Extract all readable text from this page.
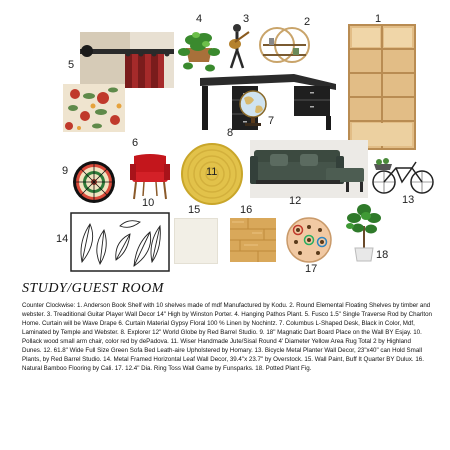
1
2
3
4
5
6
7
8
9
10
11
12	13
14
15	16
17
18
STUDY/GUEST ROOM
Counter Clockwise: 1. Anderson Book Shelf with 10 shelves made of mdf Manufactured by Kodu. 2. Round Elemental Floating Shelves by timber and webster. 3. Treaditional Guitar Player Wall Decor 14" High by Winston Porter. 4. Hanging Pathos Plant. 5. Fusco 1.5" Single Traverse Rod by Charlton Home. Curtain will be Wave Drape 6. Curtain Material Gypsy Floral 100 % Linen by Nochintz. 7. Columbus L-Shaped Desk, Black in Color, Mdf, Laminated by Temple and Webster. 8. Explorer 12" World Globe by Red Barrel Studio. 9. 18" Magnatic Dart Board Place on the Wall BY Esjay. 10. Pollack wood small arm chair, color red by dePadova. 11. Wiser Handmade Jute/Sisal Round 4' Diameter Yellow Area Rug Total 2 by Highland Dunes. 12. 61.8" Wide Full Size Green Sofa Bed Leath-aire Upholstered by Homary. 13. Bicycle Metal Planter Wall Decor, 23"x40" can Hold Small Plants, by Red Barrel Studio. 14. Metal Framed Horizontal Leaf Wall Decor, 39.4"x 23.7" by Overstock. 15. Wall Paint, Buff It Quarter BY Dulux. 16. Natural Bamboo Flooring by Cali. 17. 12.4" Dia. Ring Toss Wall Game by Funsparks. 18. Potted Plant Fig.
